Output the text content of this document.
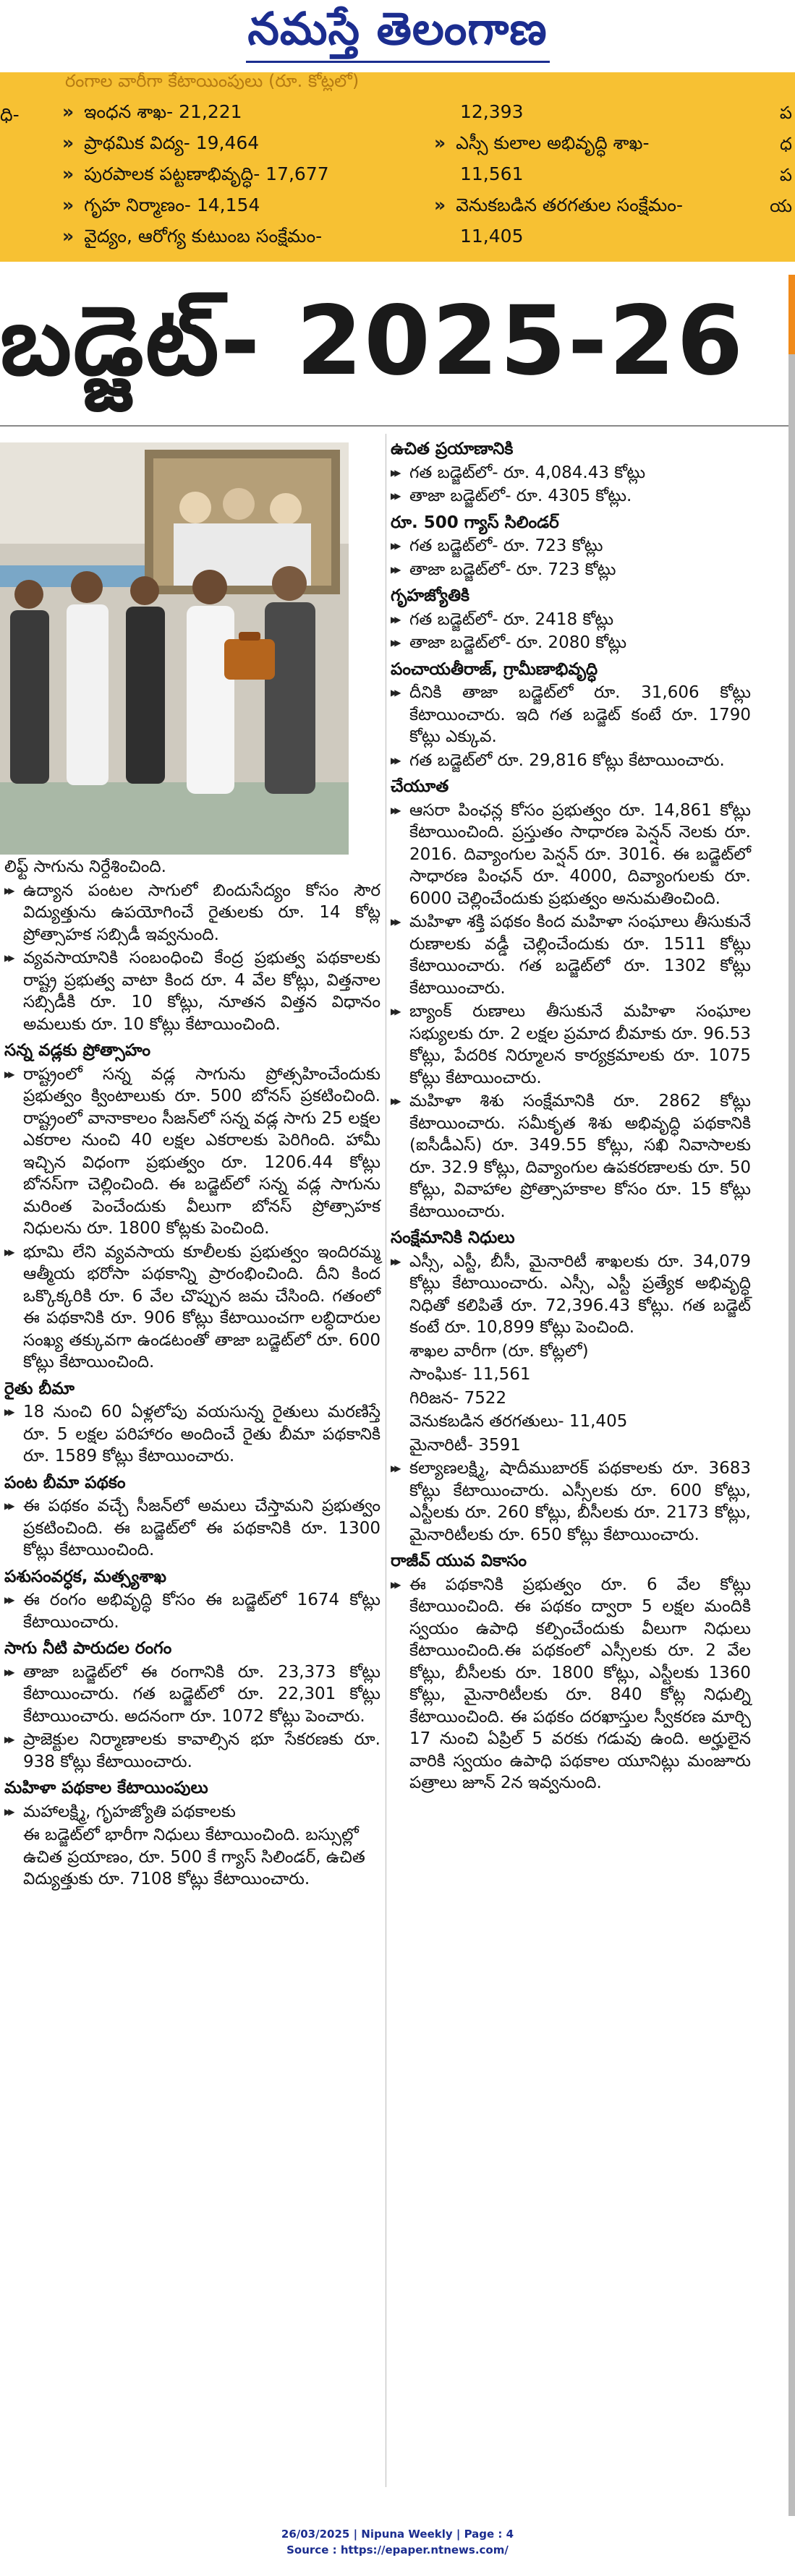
నమస్తే తెలంగాణ
రంగాల వారీగా కేటాయింపులు (రూ. కోట్లలో)
ధి- » ఇంధన శాఖ- 21,221
» ప్రాథమిక విద్య- 19,464
» పురపాలక పట్టణాభివృద్ధి- 17,677
» గృహ నిర్మాణం- 14,154
» వైద్యం, ఆరోగ్య కుటుంబ సంక్షేమం-
12,393
» ఎస్సీ కులాల అభివృద్ధి శాఖ-
11,561
» వెనుకబడిన తరగతుల సంక్షేమం-
11,405
ప
ధ
ప
య
బడ్జెట్- 2025-26
లిఫ్ట్ సాగును నిర్దేశించింది.
▶▶ ఉద్యాన పంటల సాగులో బిందుసేద్యం కోసం సౌర విద్యుత్తును ఉపయోగించే రైతులకు రూ. 14 కోట్ల ప్రోత్సాహక సబ్సిడీ ఇవ్వనుంది.
▶▶ వ్యవసాయానికి సంబంధించి కేంద్ర ప్రభుత్వ పథకాలకు రాష్ట్ర ప్రభుత్వ వాటా కింద రూ. 4 వేల కోట్లు, విత్తనాల సబ్సిడీకి రూ. 10 కోట్లు, నూతన విత్తన విధానం అమలుకు రూ. 10 కోట్లు కేటాయించింది.
సన్న వడ్లకు ప్రోత్సాహం
▶▶ రాష్ట్రంలో సన్న వడ్ల సాగును ప్రోత్సహించేందుకు ప్రభుత్వం క్వింటాలుకు రూ. 500 బోనస్ ప్రకటించింది. రాష్ట్రంలో వానాకాలం సీజన్‌లో సన్న వడ్ల సాగు 25 లక్షల ఎకరాల నుంచి 40 లక్షల ఎకరాలకు పెరిగింది. హామీ ఇచ్చిన విధంగా ప్రభుత్వం రూ. 1206.44 కోట్లు బోనస్‌గా చెల్లించింది. ఈ బడ్జెట్‌లో సన్న వడ్ల సాగును మరింత పెంచేందుకు వీలుగా బోనస్ ప్రోత్సాహక నిధులను రూ. 1800 కోట్లకు పెంచింది.
▶▶ భూమి లేని వ్యవసాయ కూలీలకు ప్రభుత్వం ఇందిరమ్మ ఆత్మీయ భరోసా పథకాన్ని ప్రారంభించింది. దీని కింద ఒక్కొక్కరికి రూ. 6 వేల చొప్పున జమ చేసింది. గతంలో ఈ పథకానికి రూ. 906 కోట్లు కేటాయించగా లబ్ధిదారుల సంఖ్య తక్కువగా ఉండటంతో తాజా బడ్జెట్‌లో రూ. 600 కోట్లు కేటాయించింది.
రైతు బీమా
▶▶ 18 నుంచి 60 ఏళ్లలోపు వయసున్న రైతులు మరణిస్తే రూ. 5 లక్షల పరిహారం అందించే రైతు బీమా పథకానికి రూ. 1589 కోట్లు కేటాయించారు.
పంట బీమా పథకం
▶▶ ఈ పథకం వచ్చే సీజన్‌లో అమలు చేస్తామని ప్రభుత్వం ప్రకటించింది. ఈ బడ్జెట్‌లో ఈ పథకానికి రూ. 1300 కోట్లు కేటాయించింది.
పశుసంవర్ధక, మత్స్యశాఖ
▶▶ ఈ రంగం అభివృద్ధి కోసం ఈ బడ్జెట్‌లో 1674 కోట్లు కేటాయించారు.
సాగు నీటి పారుదల రంగం
▶▶ తాజా బడ్జెట్‌లో ఈ రంగానికి రూ. 23,373 కోట్లు కేటాయించారు. గత బడ్జెట్‌లో రూ. 22,301 కోట్లు కేటాయించారు. అదనంగా రూ. 1072 కోట్లు పెంచారు.
▶▶ ప్రాజెక్టుల నిర్మాణాలకు కావాల్సిన భూ సేకరణకు రూ. 938 కోట్లు కేటాయించారు.
మహిళా పథకాల కేటాయింపులు
▶▶ మహాలక్ష్మి, గృహజ్యోతి పథకాలకు
ఈ బడ్జెట్‌లో భారీగా నిధులు కేటాయించింది. బస్సుల్లో ఉచిత ప్రయాణం, రూ. 500 కే గ్యాస్ సిలిండర్, ఉచిత విద్యుత్తుకు రూ. 7108 కోట్లు కేటాయించారు.
ఉచిత ప్రయాణానికి
▶▶ గత బడ్జెట్‌లో- రూ. 4,084.43 కోట్లు
▶▶ తాజా బడ్జెట్‌లో- రూ. 4305 కోట్లు.
రూ. 500 గ్యాస్ సిలిండర్
▶▶ గత బడ్జెట్‌లో- రూ. 723 కోట్లు
▶▶ తాజా బడ్జెట్‌లో- రూ. 723 కోట్లు
గృహజ్యోతికి
▶▶ గత బడ్జెట్‌లో- రూ. 2418 కోట్లు
▶▶ తాజా బడ్జెట్‌లో- రూ. 2080 కోట్లు
పంచాయతీరాజ్, గ్రామీణాభివృద్ధి
▶▶ దీనికి తాజా బడ్జెట్‌లో రూ. 31,606 కోట్లు కేటాయించారు. ఇది గత బడ్జెట్ కంటే రూ. 1790 కోట్లు ఎక్కువ.
▶▶ గత బడ్జెట్‌లో రూ. 29,816 కోట్లు కేటాయించారు.
చేయూత
▶▶ ఆసరా పింఛన్ల కోసం ప్రభుత్వం రూ. 14,861 కోట్లు కేటాయించింది. ప్రస్తుతం సాధారణ పెన్షన్ నెలకు రూ. 2016. దివ్యాంగుల పెన్షన్ రూ. 3016. ఈ బడ్జెట్‌లో సాధారణ పింఛన్ రూ. 4000, దివ్యాంగులకు రూ. 6000 చెల్లించేందుకు ప్రభుత్వం అనుమతించింది.
▶▶ మహిళా శక్తి పథకం కింద మహిళా సంఘాలు తీసుకునే రుణాలకు వడ్డీ చెల్లించేందుకు రూ. 1511 కోట్లు కేటాయించారు. గత బడ్జెట్‌లో రూ. 1302 కోట్లు కేటాయించారు.
▶▶ బ్యాంక్ రుణాలు తీసుకునే మహిళా సంఘాల సభ్యులకు రూ. 2 లక్షల ప్రమాద బీమాకు రూ. 96.53 కోట్లు, పేదరిక నిర్మూలన కార్యక్రమాలకు రూ. 1075 కోట్లు కేటాయించారు.
▶▶ మహిళా శిశు సంక్షేమానికి రూ. 2862 కోట్లు కేటాయించారు. సమీకృత శిశు అభివృద్ధి పథకానికి (ఐసీడీఎస్) రూ. 349.55 కోట్లు, సఖి నివాసాలకు రూ. 32.9 కోట్లు, దివ్యాంగుల ఉపకరణాలకు రూ. 50 కోట్లు, వివాహాల ప్రోత్సాహకాల కోసం రూ. 15 కోట్లు కేటాయించారు.
సంక్షేమానికి నిధులు
▶▶ ఎస్సీ, ఎస్టీ, బీసీ, మైనారిటీ శాఖలకు రూ. 34,079 కోట్లు కేటాయించారు. ఎస్సీ, ఎస్టీ ప్రత్యేక అభివృద్ధి నిధితో కలిపితే రూ. 72,396.43 కోట్లు. గత బడ్జెట్ కంటే రూ. 10,899 కోట్లు పెంచింది.
శాఖల వారీగా (రూ. కోట్లలో)
సాంఘిక- 11,561
గిరిజన- 7522
వెనుకబడిన తరగతులు- 11,405
మైనారిటీ- 3591
▶▶ కల్యాణలక్ష్మి, షాదీముబారక్ పథకాలకు రూ. 3683 కోట్లు కేటాయించారు. ఎస్సీలకు రూ. 600 కోట్లు, ఎస్టీలకు రూ. 260 కోట్లు, బీసీలకు రూ. 2173 కోట్లు, మైనారిటీలకు రూ. 650 కోట్లు కేటాయించారు.
రాజీవ్ యువ వికాసం
▶▶ ఈ పథకానికి ప్రభుత్వం రూ. 6 వేల కోట్లు కేటాయించింది. ఈ పథకం ద్వారా 5 లక్షల మందికి స్వయం ఉపాధి కల్పించేందుకు వీలుగా నిధులు కేటాయించింది.ఈ పథకంలో ఎస్సీలకు రూ. 2 వేల కోట్లు, బీసీలకు రూ. 1800 కోట్లు, ఎస్టీలకు 1360 కోట్లు, మైనారిటీలకు రూ. 840 కోట్ల నిధుల్ని కేటాయించింది. ఈ పథకం దరఖాస్తుల స్వీకరణ మార్చి 17 నుంచి ఏప్రిల్ 5 వరకు గడువు ఉంది. అర్హులైన వారికి స్వయం ఉపాధి పథకాల యూనిట్లు మంజూరు పత్రాలు జూన్ 2న ఇవ్వనుంది.
26/03/2025 | Nipuna Weekly | Page : 4
Source : https://epaper.ntnews.com/
